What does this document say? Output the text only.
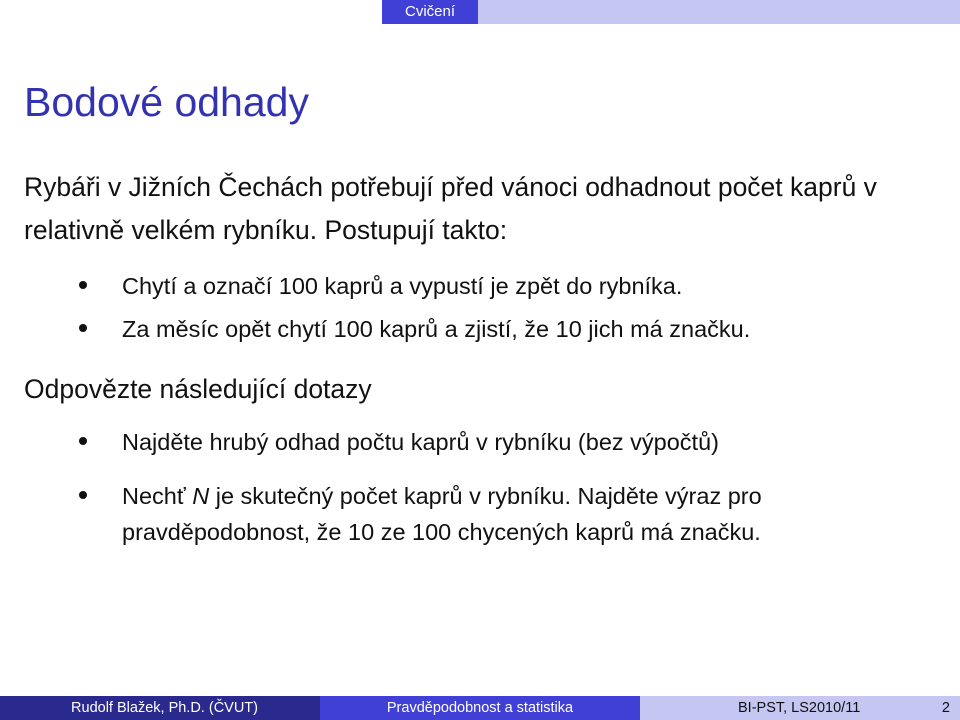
Cvičení
Bodové odhady

Rybáři v Jižních Čechách potřebují před vánoci odhadnout počet kaprů v relativně velkém rybníku. Postupují takto:

Chytí a označí 100 kaprů a vypustí je zpět do rybníka.
Za měsíc opět chytí 100 kaprů a zjistí, že 10 jich má značku.

Odpovězte následující dotazy

Najděte hrubý odhad počtu kaprů v rybníku (bez výpočtů)
Nechť N je skutečný počet kaprů v rybníku. Najděte výraz pro pravděpodobnost, že 10 ze 100 chycených kaprů má značku.
Rudolf Blažek, Ph.D. (ČVUT)	Pravděpodobnost a statistika	BI-PST, LS2010/11	2
